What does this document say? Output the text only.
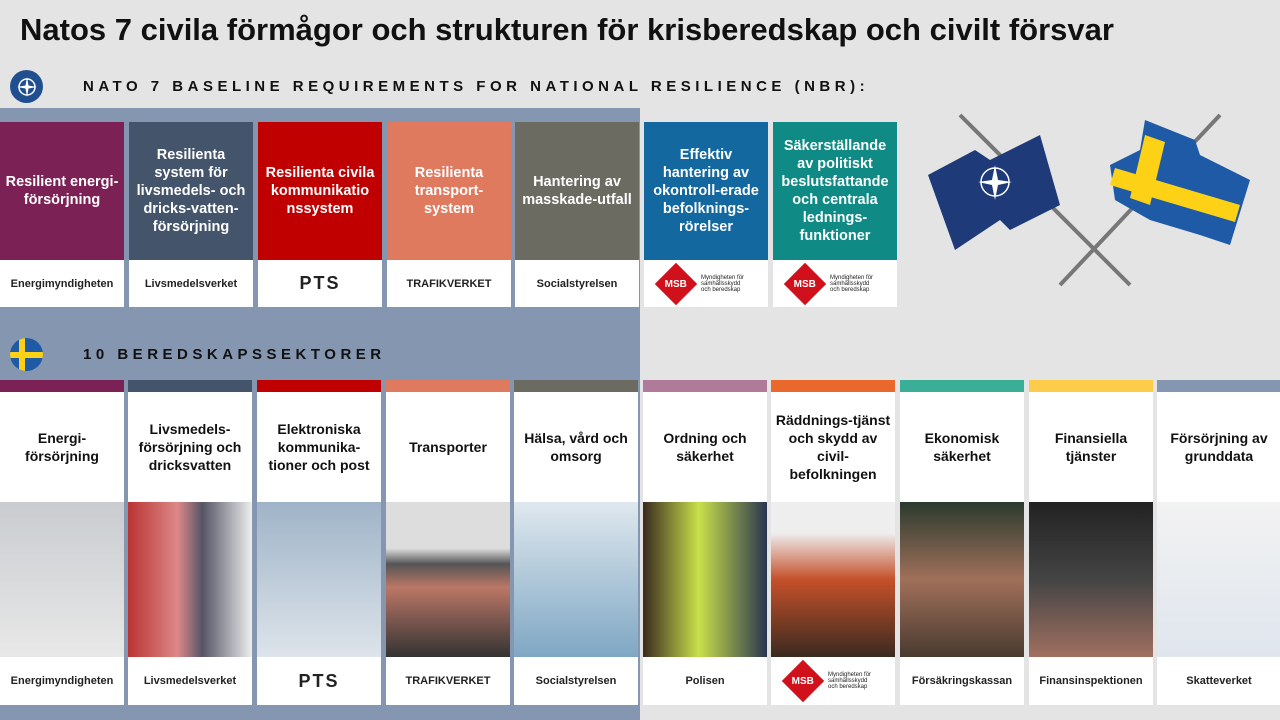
Natos 7 civila förmågor och strukturen för krisberedskap och civilt försvar
NATO 7 BASELINE REQUIREMENTS FOR NATIONAL RESILIENCE (NBR):
Resilient energi-försörjning
Energimyndigheten
Resilienta system för livsmedels- och dricks-vatten-försörjning
Livsmedelsverket
Resilienta civila kommunikatio nssystem
PTS
Resilienta transport-system
TRAFIKVERKET
Hantering av masskade-utfall
Socialstyrelsen
Effektiv hantering av okontroll-erade befolknings-rörelser
MSB
Myndigheten för samhällsskydd och beredskap
Säkerställande av politiskt beslutsfattande och centrala lednings-funktioner
MSB
Myndigheten för samhällsskydd och beredskap
10 BEREDSKAPSSEKTORER
Energi-försörjning
Energimyndigheten
Livsmedels-försörjning och dricksvatten
Livsmedelsverket
Elektroniska kommunika-tioner och post
PTS
Transporter
TRAFIKVERKET
Hälsa, vård och omsorg
Socialstyrelsen
Ordning och säkerhet
Polisen
Räddnings-tjänst och skydd av civil-befolkningen
MSB
Myndigheten för samhällsskydd och beredskap
Ekonomisk säkerhet
Försäkringskassan
Finansiella tjänster
Finansinspektionen
Försörjning av grunddata
Skatteverket
